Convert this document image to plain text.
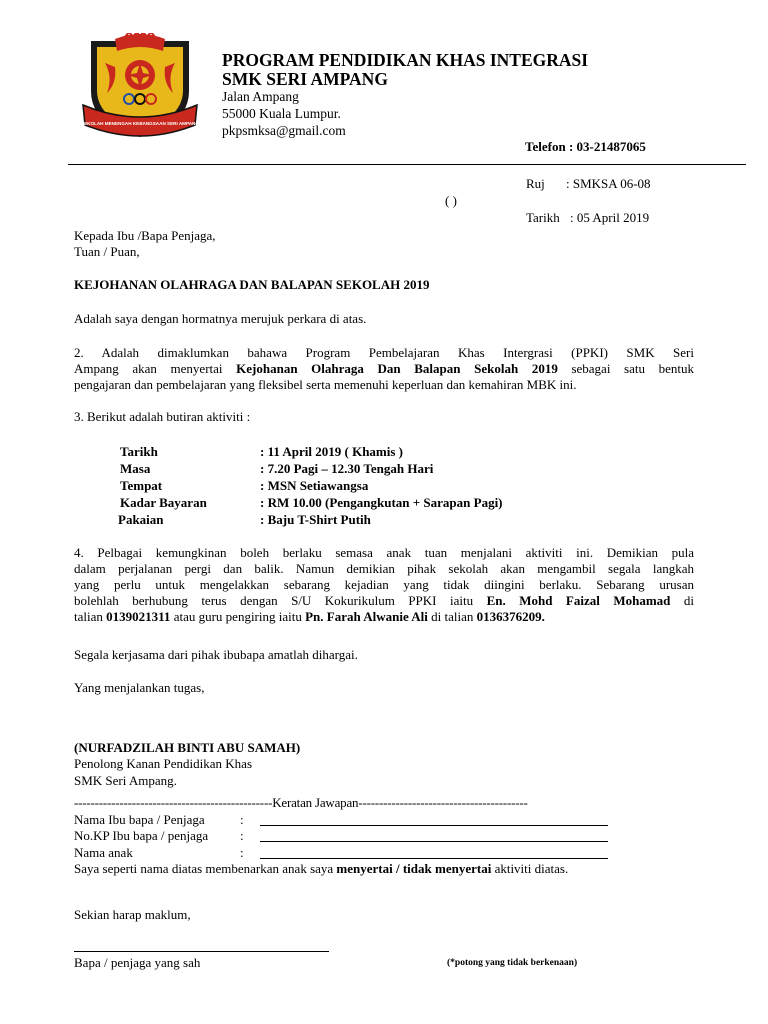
SEKOLAH MENENGAH KEBANGSAAN SERI AMPANG
PROGRAM PENDIDIKAN KHAS INTEGRASI
SMK SERI AMPANG
Jalan Ampang
55000 Kuala Lumpur.
pkpsmksa@gmail.com
Telefon : 03-21487065
Ruj : SMKSA 06-08
( )
Tarikh : 05 April 2019
Kepada Ibu /Bapa Penjaga,
Tuan / Puan,
KEJOHANAN OLAHRAGA DAN BALAPAN SEKOLAH 2019
Adalah saya dengan hormatnya merujuk perkara di atas.
2. Adalah dimaklumkan bahawa Program Pembelajaran Khas Intergrasi (PPKI) SMK Seri
Ampang akan menyertai Kejohanan Olahraga Dan Balapan Sekolah 2019 sebagai satu bentuk
pengajaran dan pembelajaran yang fleksibel serta memenuhi keperluan dan kemahiran MBK ini.
3. Berikut adalah butiran aktiviti :
Tarikh	: 11 April 2019 ( Khamis )
Masa	: 7.20 Pagi – 12.30 Tengah Hari
Tempat	: MSN Setiawangsa
Kadar Bayaran	: RM 10.00 (Pengangkutan + Sarapan Pagi)
Pakaian	: Baju T-Shirt Putih
4. Pelbagai kemungkinan boleh berlaku semasa anak tuan menjalani aktiviti ini. Demikian pula
dalam perjalanan pergi dan balik. Namun demikian pihak sekolah akan mengambil segala langkah
yang perlu untuk mengelakkan sebarang kejadian yang tidak diingini berlaku. Sebarang urusan
bolehlah berhubung terus dengan S/U Kokurikulum PPKI iaitu En. Mohd Faizal Mohamad di
talian 0139021311 atau guru pengiring iaitu Pn. Farah Alwanie Ali di talian 0136376209.
Segala kerjasama dari pihak ibubapa amatlah dihargai.
Yang menjalankan tugas,
(NURFADZILAH BINTI ABU SAMAH)
Penolong Kanan Pendidikan Khas
SMK Seri Ampang.
------------------------------------------------Keratan Jawapan-----------------------------------------
Nama Ibu bapa / Penjaga	:
No.KP Ibu bapa / penjaga :
Nama anak	:
Saya seperti nama diatas membenarkan anak saya menyertai / tidak menyertai aktiviti diatas.
Sekian harap maklum,
Bapa / penjaga yang sah	(*potong yang tidak berkenaan)
